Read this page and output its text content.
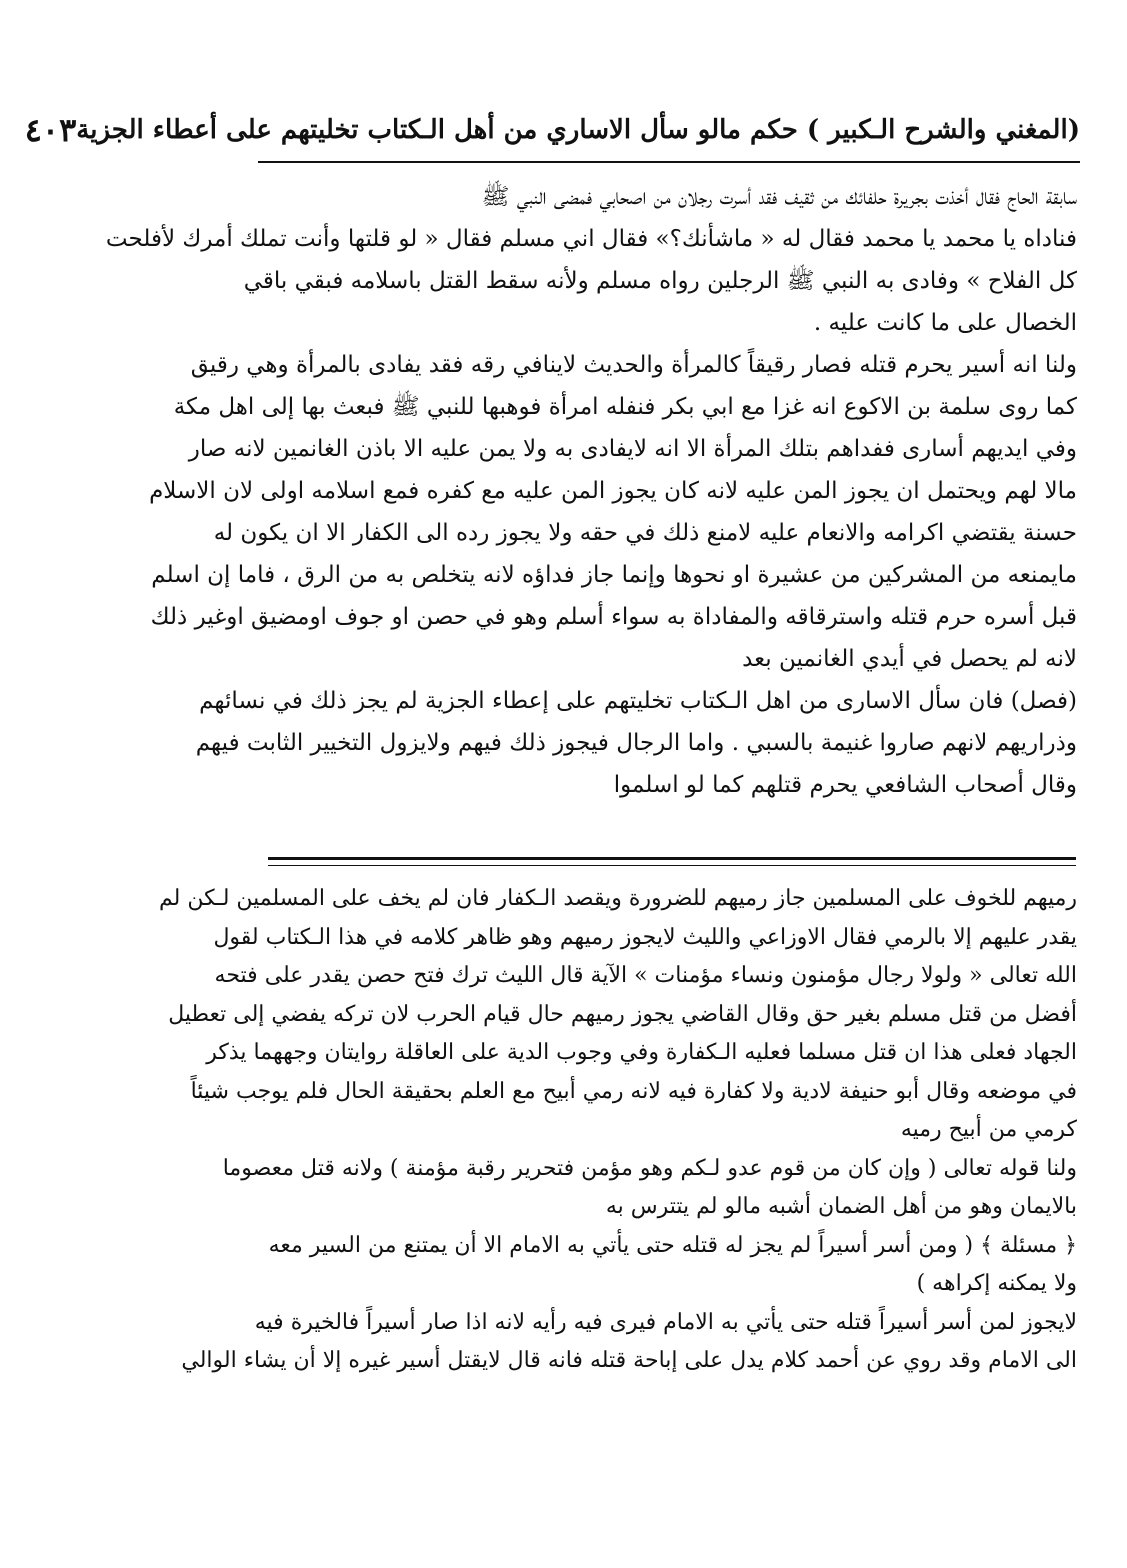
(المغني والشرح الـكبير ) حكم مالو سأل الاساري من أهل الـكتاب تخليتهم على أعطاء الجزية
٤٠٣
سابقة الحاج فقال أخذت بجريرة حلفائك من ثقيف فقد أسرت رجلان من اصحابي فمضى النبي ﷺ
فناداه يا محمد يا محمد فقال له « ماشأنك؟» فقال اني مسلم فقال « لو قلتها وأنت تملك أمرك لأفلحت
كل الفلاح » وفادى به النبي ﷺ الرجلين رواه مسلم ولأنه سقط القتل باسلامه فبقي باقي
الخصال على ما كانت عليه .
ولنا انه أسير يحرم قتله فصار رقيقاً كالمرأة والحديث لاينافي رقه فقد يفادى بالمرأة وهي رقيق
كما روى سلمة بن الاكوع انه غزا مع ابي بكر فنفله امرأة فوهبها للنبي ﷺ فبعث بها إلى اهل مكة
وفي ايديهم أسارى ففداهم بتلك المرأة الا انه لايفادى به ولا يمن عليه الا باذن الغانمين لانه صار
مالا لهم ويحتمل ان يجوز المن عليه لانه كان يجوز المن عليه مع كفره فمع اسلامه اولى لان الاسلام
حسنة يقتضي اكرامه والانعام عليه لامنع ذلك في حقه ولا يجوز رده الى الكفار الا ان يكون له
مايمنعه من المشركين من عشيرة او نحوها وإنما جاز فداؤه لانه يتخلص به من الرق ، فاما إن اسلم
قبل أسره حرم قتله واسترقاقه والمفاداة به سواء أسلم وهو في حصن او جوف اومضيق اوغير ذلك
لانه لم يحصل في أيدي الغانمين بعد
(فصل) فان سأل الاسارى من اهل الـكتاب تخليتهم على إعطاء الجزية لم يجز ذلك في نسائهم
وذراريهم لانهم صاروا غنيمة بالسبي . واما الرجال فيجوز ذلك فيهم ولايزول التخيير الثابت فيهم
وقال أصحاب الشافعي يحرم قتلهم كما لو اسلموا
رميهم للخوف على المسلمين جاز رميهم للضرورة ويقصد الـكفار فان لم يخف على المسلمين لـكن لم
يقدر عليهم إلا بالرمي فقال الاوزاعي والليث لايجوز رميهم وهو ظاهر كلامه في هذا الـكتاب لقول
الله تعالى « ولولا رجال مؤمنون ونساء مؤمنات » الآية قال الليث ترك فتح حصن يقدر على فتحه
أفضل من قتل مسلم بغير حق وقال القاضي يجوز رميهم حال قيام الحرب لان تركه يفضي إلى تعطيل
الجهاد فعلى هذا ان قتل مسلما فعليه الـكفارة وفي وجوب الدية على العاقلة روايتان وجههما يذكر
في موضعه وقال أبو حنيفة لادية ولا كفارة فيه لانه رمي أبيح مع العلم بحقيقة الحال فلم يوجب شيئاً
كرمي من أبيح رميه
ولنا قوله تعالى ( وإن كان من قوم عدو لـكم وهو مؤمن فتحرير رقبة مؤمنة ) ولانه قتل معصوما
بالايمان وهو من أهل الضمان أشبه مالو لم يتترس به
﴿ مسئلة ﴾ ( ومن أسر أسيراً لم يجز له قتله حتى يأتي به الامام الا أن يمتنع من السير معه
ولا يمكنه إكراهه )
لايجوز لمن أسر أسيراً قتله حتى يأتي به الامام فيرى فيه رأيه لانه اذا صار أسيراً فالخيرة فيه
الى الامام وقد روي عن أحمد كلام يدل على إباحة قتله فانه قال لايقتل أسير غيره إلا أن يشاء الوالي
